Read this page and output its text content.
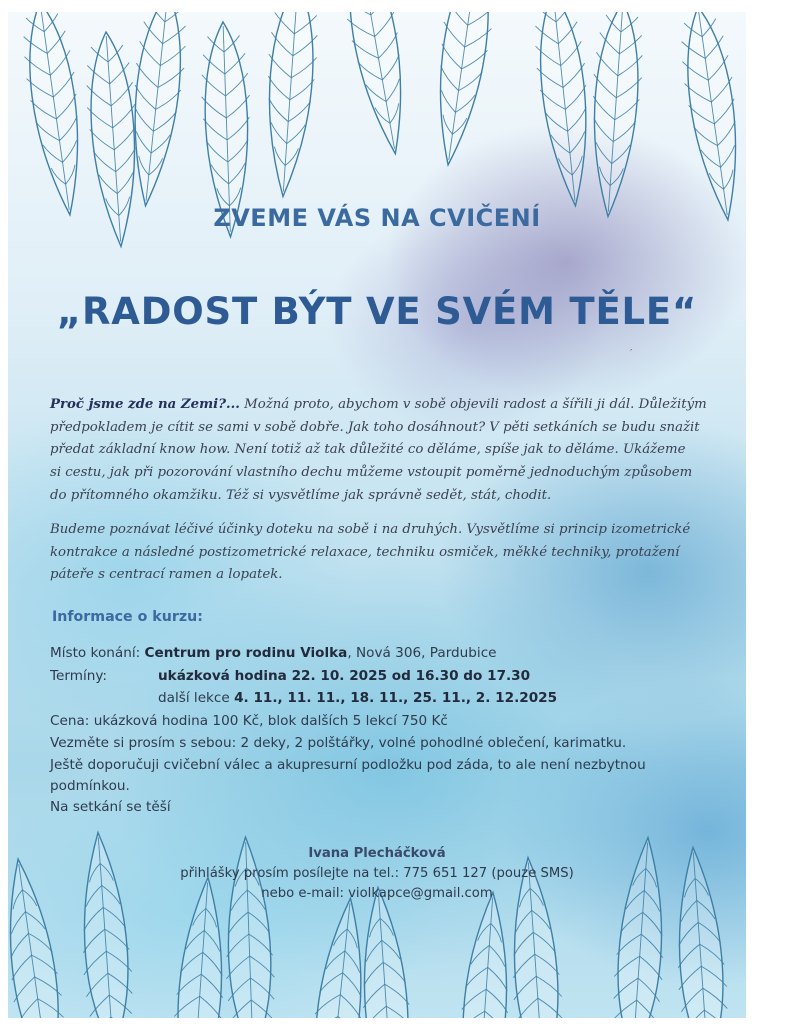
ZVEME VÁS NA CVIČENÍ
„RADOST BÝT VE SVÉM TĚLE“
′

Proč jsme zde na Zemi?... Možná proto, abychom v sobě objevili radost a šířili ji dál. Důležitým
předpokladem je cítit se sami v sobě dobře. Jak toho dosáhnout? V pěti setkáních se budu snažit
předat základní know how. Není totiž až tak důležité co děláme, spíše jak to děláme. Ukážeme
si cestu, jak při pozorování vlastního dechu můžeme vstoupit poměrně jednoduchým způsobem
do přítomného okamžiku. Též si vysvětlíme jak správně sedět, stát, chodit.

Budeme poznávat léčivé účinky doteku na sobě i na druhých. Vysvětlíme si princip izometrické
kontrakce a následné postizometrické relaxace, techniku osmiček, měkké techniky, protažení
páteře s centrací ramen a lopatek.

Informace o kurzu:
Místo konání: Centrum pro rodinu Violka, Nová 306, Pardubice
Termíny:	ukázková hodina 22. 10. 2025 od 16.30 do 17.30
další lekce 4. 11., 11. 11., 18. 11., 25. 11., 2. 12.2025
Cena: ukázková hodina 100 Kč, blok dalších 5 lekcí 750 Kč
Vezměte si prosím s sebou: 2 deky, 2 polštářky, volné pohodlné oblečení, karimatku.
Ještě doporučuji cvičební válec a akupresurní podložku pod záda, to ale není nezbytnou
podmínkou.
Na setkání se těší
Ivana Plecháčková
přihlášky prosím posílejte na tel.: 775 651 127 (pouze SMS)
nebo e-mail: violkapce@gmail.com
